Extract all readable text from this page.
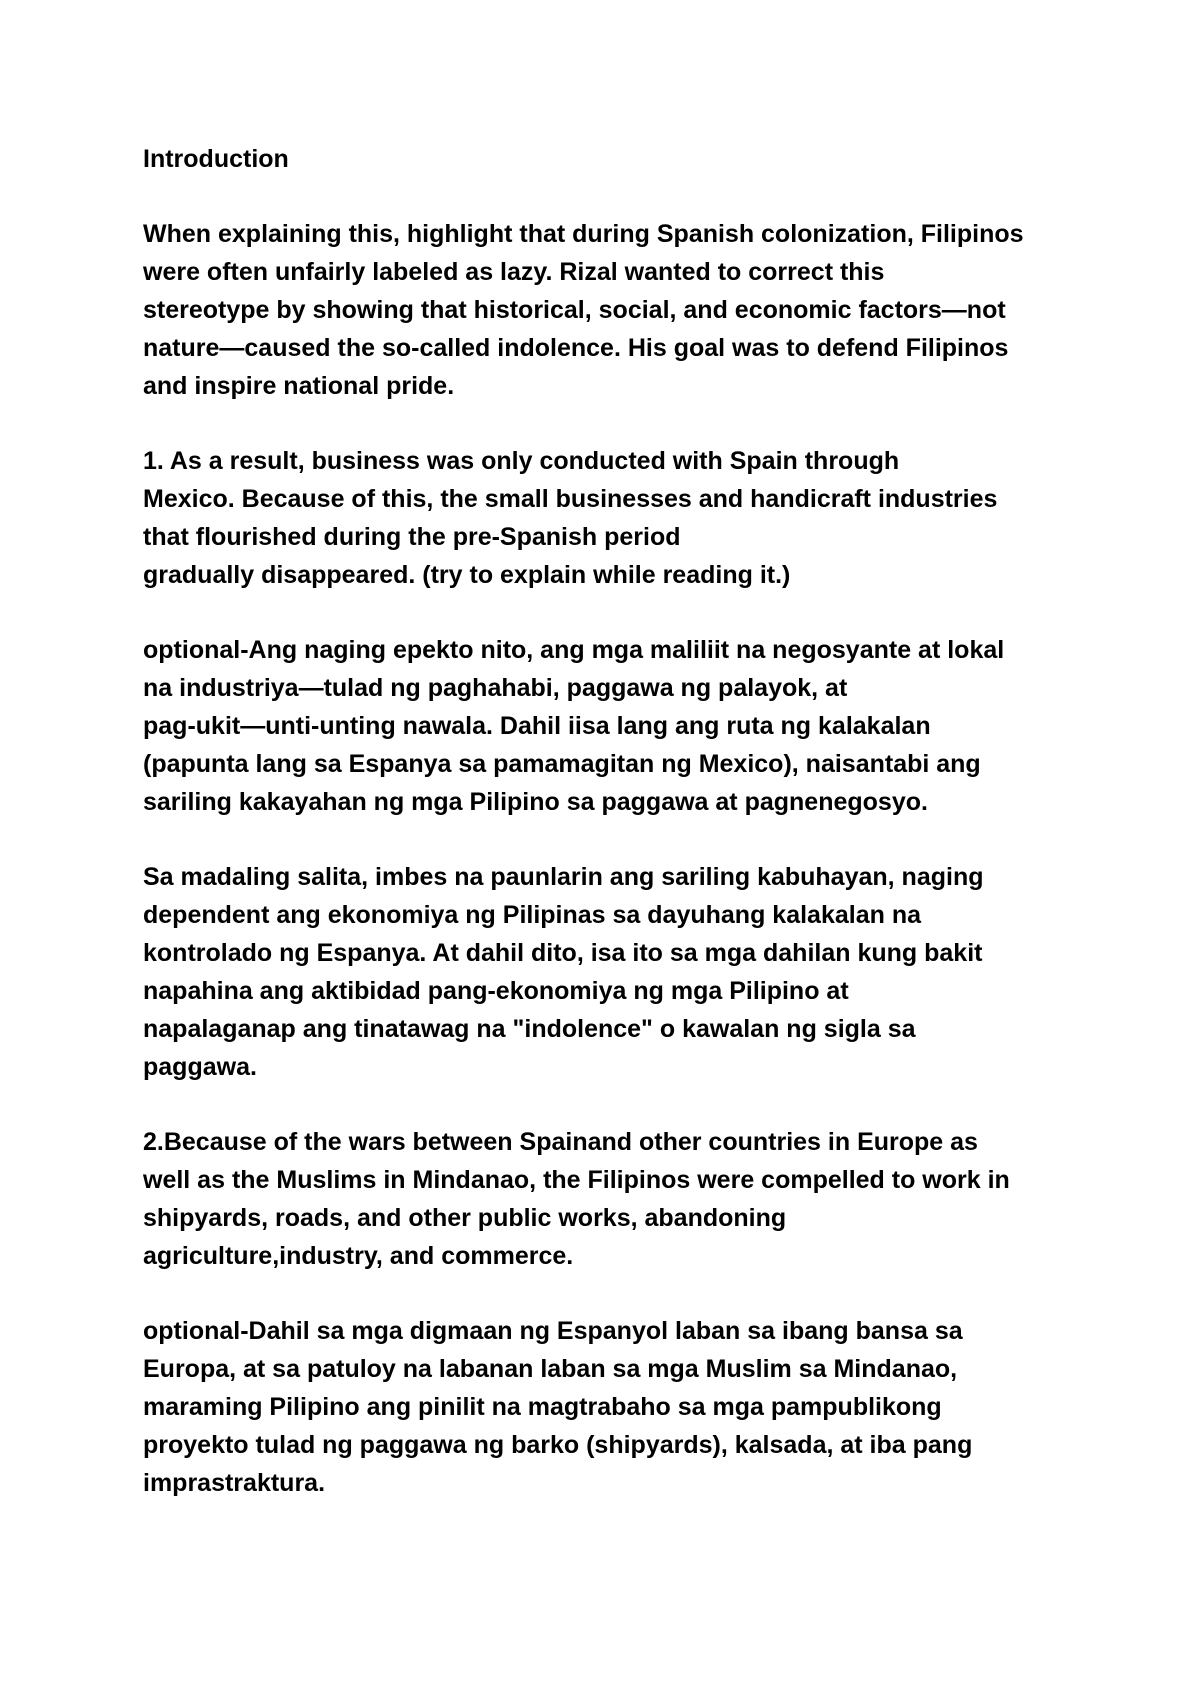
Introduction

When explaining this, highlight that during Spanish colonization, Filipinos
were often unfairly labeled as lazy. Rizal wanted to correct this
stereotype by showing that historical, social, and economic factors—not
nature—caused the so-called indolence. His goal was to defend Filipinos
and inspire national pride.

1. As a result, business was only conducted with Spain through
Mexico. Because of this, the small businesses and handicraft industries
that flourished during the pre-Spanish period
gradually disappeared. (try to explain while reading it.)

optional-Ang naging epekto nito, ang mga maliliit na negosyante at lokal
na industriya—tulad ng paghahabi, paggawa ng palayok, at
pag-ukit—unti-unting nawala. Dahil iisa lang ang ruta ng kalakalan
(papunta lang sa Espanya sa pamamagitan ng Mexico), naisantabi ang
sariling kakayahan ng mga Pilipino sa paggawa at pagnenegosyo.

Sa madaling salita, imbes na paunlarin ang sariling kabuhayan, naging
dependent ang ekonomiya ng Pilipinas sa dayuhang kalakalan na
kontrolado ng Espanya. At dahil dito, isa ito sa mga dahilan kung bakit
napahina ang aktibidad pang-ekonomiya ng mga Pilipino at
napalaganap ang tinatawag na "indolence" o kawalan ng sigla sa
paggawa.

2.Because of the wars between Spainand other countries in Europe as
well as the Muslims in Mindanao, the Filipinos were compelled to work in
shipyards, roads, and other public works, abandoning
agriculture,industry, and commerce.

optional-Dahil sa mga digmaan ng Espanyol laban sa ibang bansa sa
Europa, at sa patuloy na labanan laban sa mga Muslim sa Mindanao,
maraming Pilipino ang pinilit na magtrabaho sa mga pampublikong
proyekto tulad ng paggawa ng barko (shipyards), kalsada, at iba pang
imprastraktura.
